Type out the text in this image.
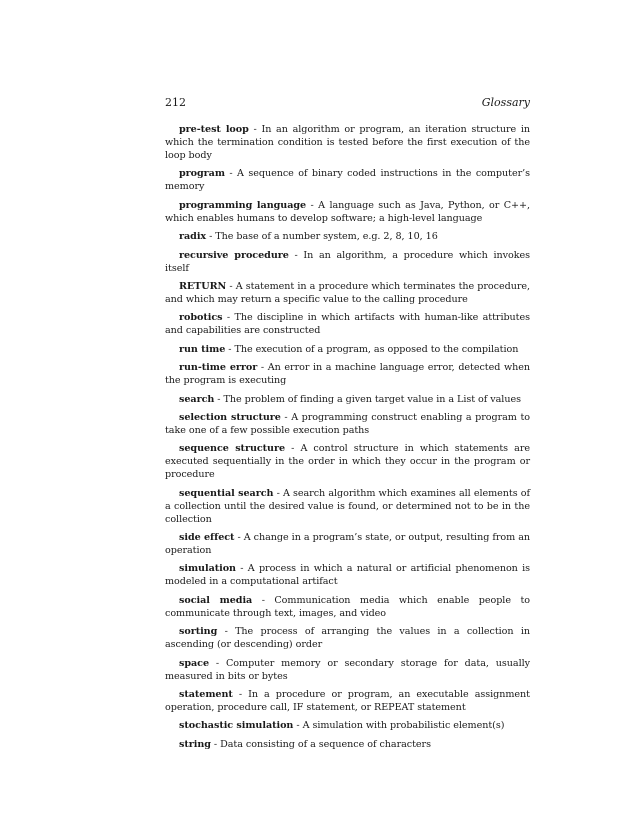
212	Glossary

pre-test loop - In an algorithm or program, an iteration structure in which the termination condition is tested before the first execution of the loop body

program - A sequence of binary coded instructions in the computer’s memory

programming language - A language such as Java, Python, or C++, which enables humans to develop software; a high-level language

radix - The base of a number system, e.g. 2, 8, 10, 16

recursive procedure - In an algorithm, a procedure which invokes itself

RETURN - A statement in a procedure which terminates the procedure, and which may return a specific value to the calling procedure

robotics - The discipline in which artifacts with human-like attributes and capabilities are constructed

run time - The execution of a program, as opposed to the compilation

run-time error - An error in a machine language error, detected when the program is executing

search - The problem of finding a given target value in a List of values

selection structure - A programming construct enabling a program to take one of a few possible execution paths

sequence structure - A control structure in which statements are executed sequentially in the order in which they occur in the program or procedure

sequential search - A search algorithm which examines all elements of a collection until the desired value is found, or determined not to be in the collection

side effect - A change in a program’s state, or output, resulting from an operation

simulation - A process in which a natural or artificial phenomenon is modeled in a computational artifact

social media - Communication media which enable people to communicate through text, images, and video

sorting - The process of arranging the values in a collection in ascending (or descending) order

space - Computer memory or secondary storage for data, usually measured in bits or bytes

statement - In a procedure or program, an executable assignment operation, procedure call, IF statement, or REPEAT statement

stochastic simulation - A simulation with probabilistic element(s)

string - Data consisting of a sequence of characters
